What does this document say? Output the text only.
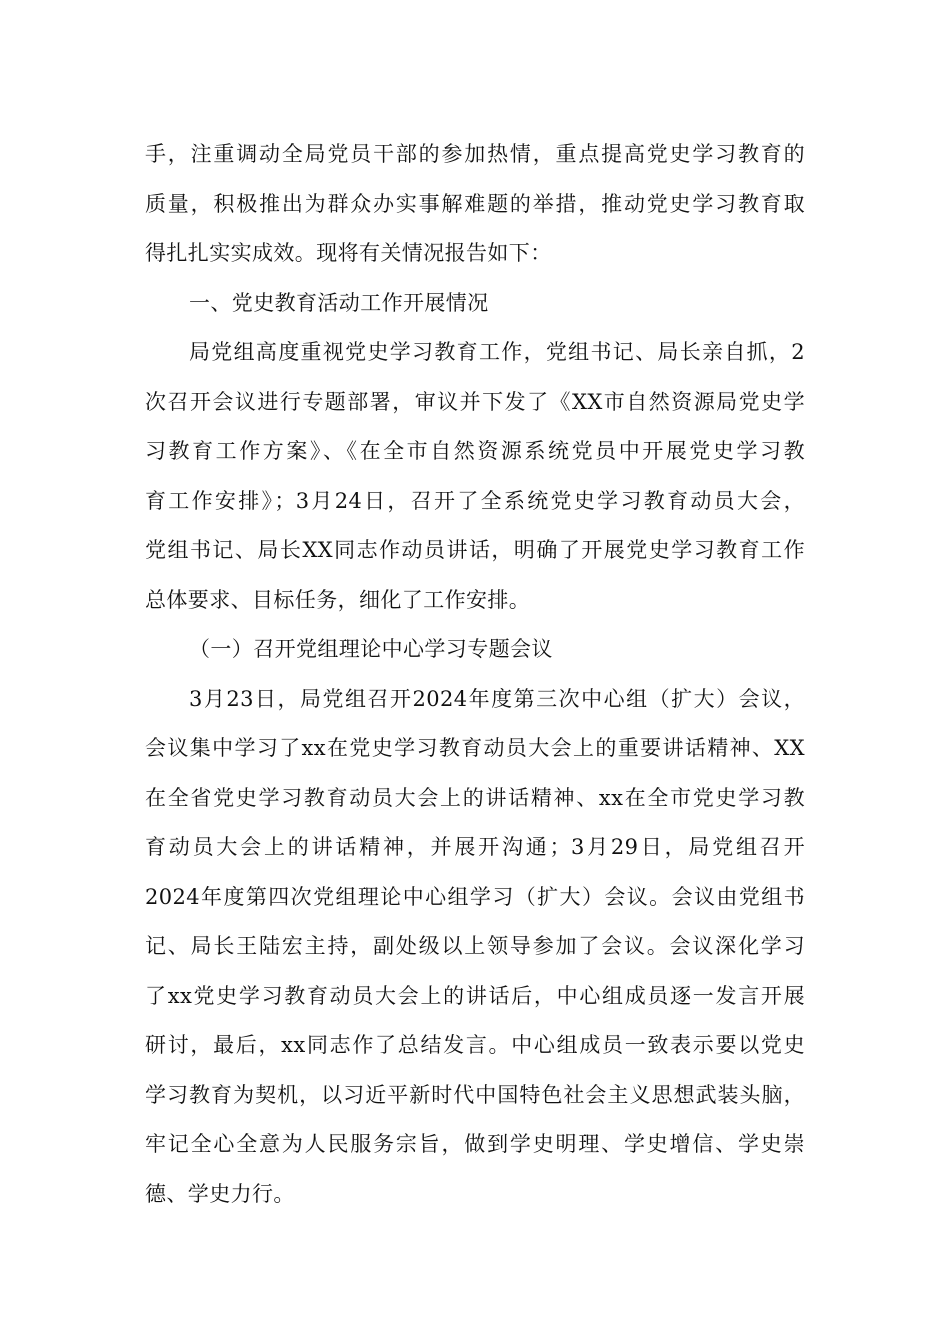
手，注重调动全局党员干部的参加热情，重点提高党史学习教育的
质量，积极推出为群众办实事解难题的举措，推动党史学习教育取
得扎扎实实成效。现将有关情况报告如下：
一、党史教育活动工作开展情况
局党组高度重视党史学习教育工作，党组书记、局长亲自抓，2
次召开会议进行专题部署，审议并下发了《XX市自然资源局党史学
习教育工作方案》、《在全市自然资源系统党员中开展党史学习教
育工作安排》；3月24日，召开了全系统党史学习教育动员大会，
党组书记、局长XX同志作动员讲话，明确了开展党史学习教育工作
总体要求、目标任务，细化了工作安排。
（一）召开党组理论中心学习专题会议
3月23日，局党组召开2024年度第三次中心组（扩大）会议，
会议集中学习了xx在党史学习教育动员大会上的重要讲话精神、XX
在全省党史学习教育动员大会上的讲话精神、xx在全市党史学习教
育动员大会上的讲话精神，并展开沟通；3月29日，局党组召开
2024年度第四次党组理论中心组学习（扩大）会议。会议由党组书
记、局长王陆宏主持，副处级以上领导参加了会议。会议深化学习
了xx党史学习教育动员大会上的讲话后，中心组成员逐一发言开展
研讨，最后，xx同志作了总结发言。中心组成员一致表示要以党史
学习教育为契机，以习近平新时代中国特色社会主义思想武装头脑，
牢记全心全意为人民服务宗旨，做到学史明理、学史增信、学史崇
德、学史力行。
